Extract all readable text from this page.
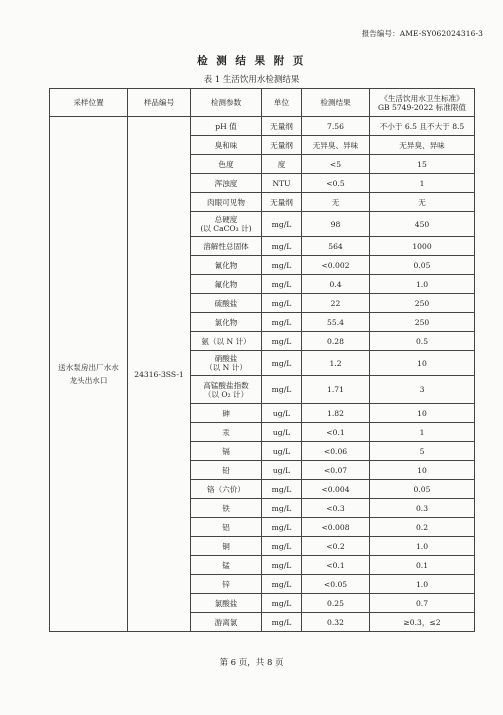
报告编号：AME-SY062024316-3
检 测 结 果 附 页
表 1 生活饮用水检测结果
采样位置	样品编号	检测参数	单位	检测结果	《生活饮用水卫生标准》
GB 5749-2022 标准限值

送水泵房出厂水水龙头出水口	24316-3SS-1	pH 值	无量纲	7.56	不小于 6.5 且不大于 8.5

		臭和味	无量纲	无异臭、异味	无异臭、异味

		色度	度	<5	15

		浑浊度	NTU	<0.5	1

		肉眼可见物	无量纲	无	无

		总硬度
(以 CaCO₃ 计)	mg/L	98	450

		溶解性总固体	mg/L	564	1000

		氰化物	mg/L	<0.002	0.05

		氟化物	mg/L	0.4	1.0

		硫酸盐	mg/L	22	250

		氯化物	mg/L	55.4	250

		氨（以 N 计）	mg/L	0.28	0.5

		硝酸盐
（以 N 计）	mg/L	1.2	10

		高锰酸盐指数
（以 O₂ 计）	mg/L	1.71	3

		砷	ug/L	1.82	10

		汞	ug/L	<0.1	1

		镉	ug/L	<0.06	5

		铅	ug/L	<0.07	10

		铬（六价）	mg/L	<0.004	0.05

		铁	mg/L	<0.3	0.3

		铝	mg/L	<0.008	0.2

		铜	mg/L	<0.2	1.0

		锰	mg/L	<0.1	0.1

		锌	mg/L	<0.05	1.0

		氯酸盐	mg/L	0.25	0.7

		游离氯	mg/L	0.32	≥0.3，≤2
第 6 页，共 8 页
